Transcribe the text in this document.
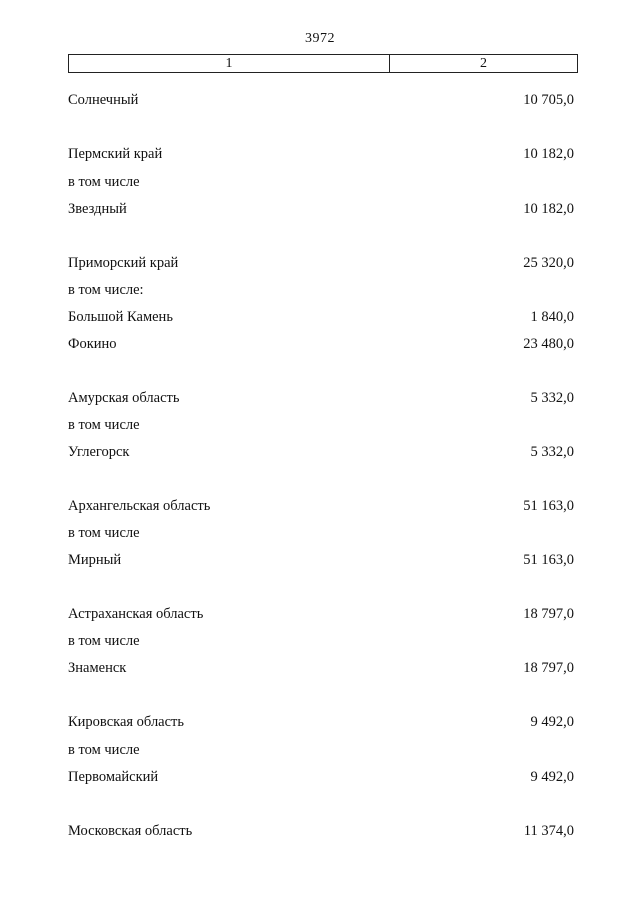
3972
1	2
Солнечный	10 705,0
Пермский край	10 182,0
в том числе
Звездный	10 182,0
Приморский край	25 320,0
в том числе:
Большой Камень	1 840,0
Фокино	23 480,0
Амурская область	5 332,0
в том числе
Углегорск	5 332,0
Архангельская область	51 163,0
в том числе
Мирный	51 163,0
Астраханская область	18 797,0
в том числе
Знаменск	18 797,0
Кировская область	9 492,0
в том числе
Первомайский	9 492,0
Московская область	11 374,0
